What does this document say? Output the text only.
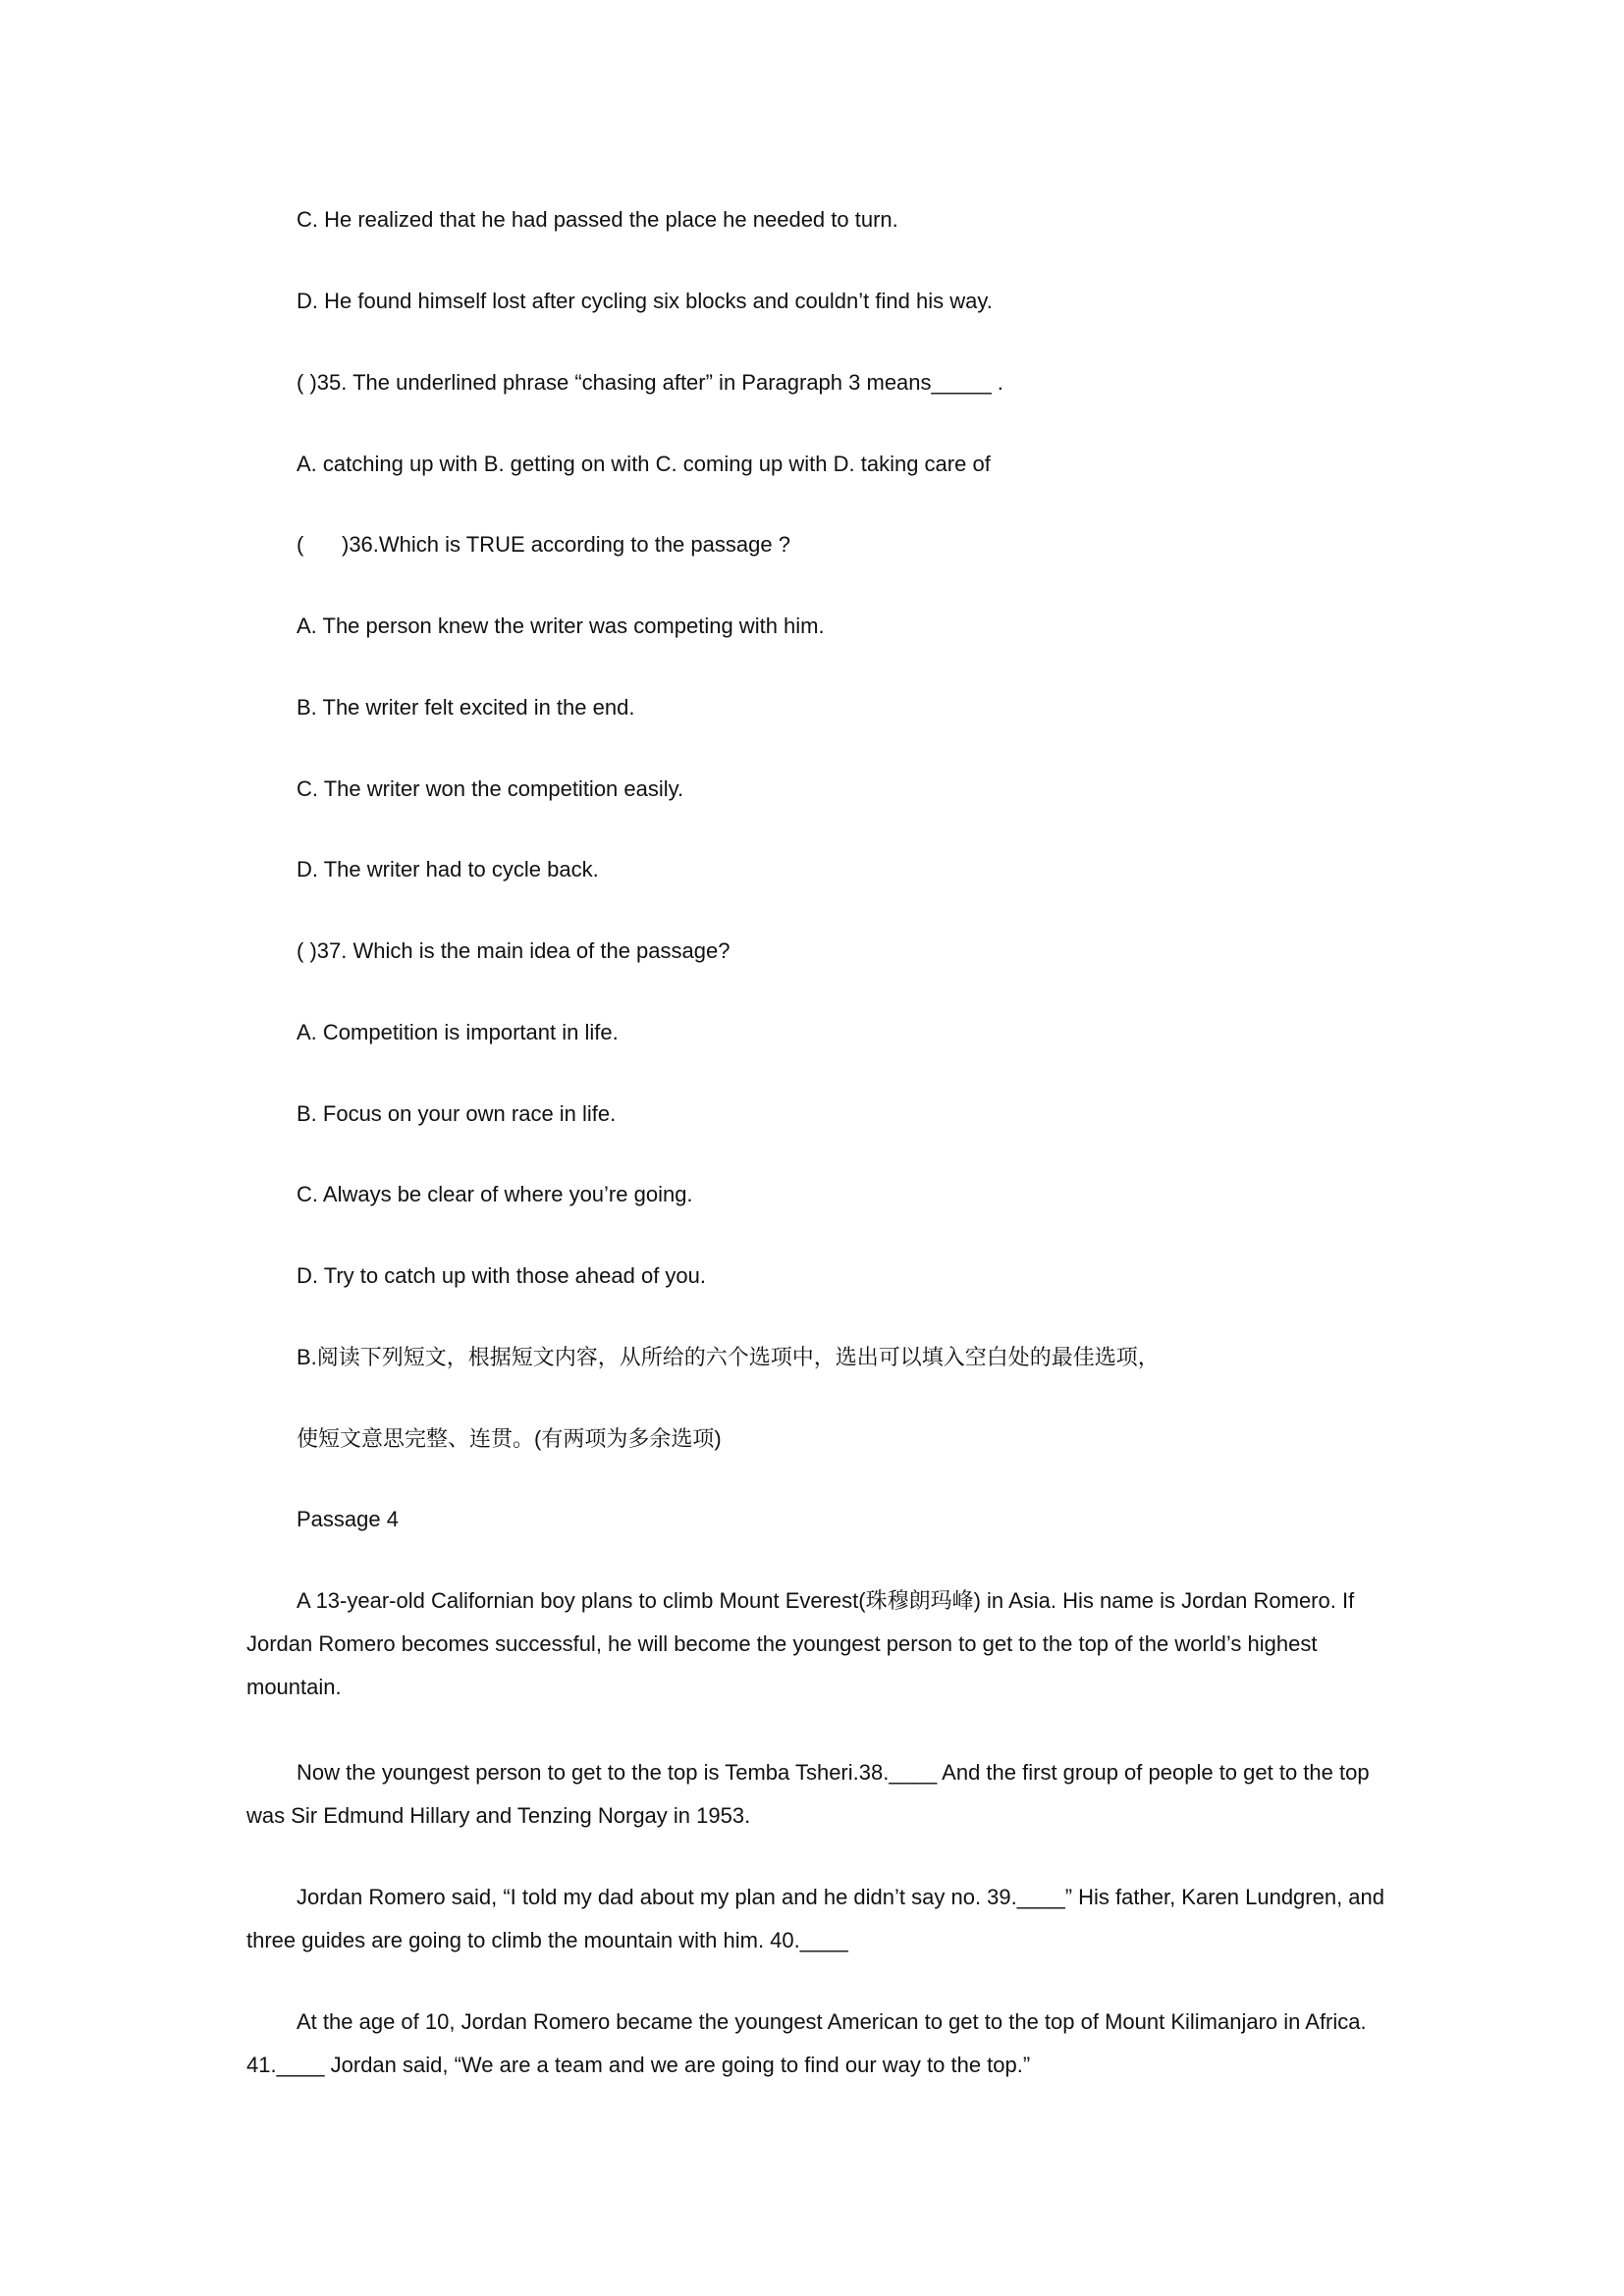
C. He realized that he had passed the place he needed to turn.
D. He found himself lost after cycling six blocks and couldn’t find his way.
( )35. The underlined phrase “chasing after” in Paragraph 3 means_____ .
A. catching up with B. getting on with C. coming up with D. taking care of
( )36.Which is TRUE according to the passage ?
A. The person knew the writer was competing with him.
B. The writer felt excited in the end.
C. The writer won the competition easily.
D. The writer had to cycle back.
( )37. Which is the main idea of the passage?
A. Competition is important in life.
B. Focus on your own race in life.
C. Always be clear of where you’re going.
D. Try to catch up with those ahead of you.
B.阅读下列短文，根据短文内容，从所给的六个选项中，选出可以填入空白处的最佳选项，
使短文意思完整、连贯。(有两项为多余选项)
Passage 4
A 13-year-old Californian boy plans to climb Mount Everest(珠穆朗玛峰) in Asia. His name is Jordan Romero. If Jordan Romero becomes successful, he will become the youngest person to get to the top of the world’s highest mountain.
Now the youngest person to get to the top is Temba Tsheri.38.____ And the first group of people to get to the top was Sir Edmund Hillary and Tenzing Norgay in 1953.
Jordan Romero said, “I told my dad about my plan and he didn’t say no. 39.____” His father, Karen Lundgren, and three guides are going to climb the mountain with him. 40.____
At the age of 10, Jordan Romero became the youngest American to get to the top of Mount Kilimanjaro in Africa. 41.____ Jordan said, “We are a team and we are going to find our way to the top.”
